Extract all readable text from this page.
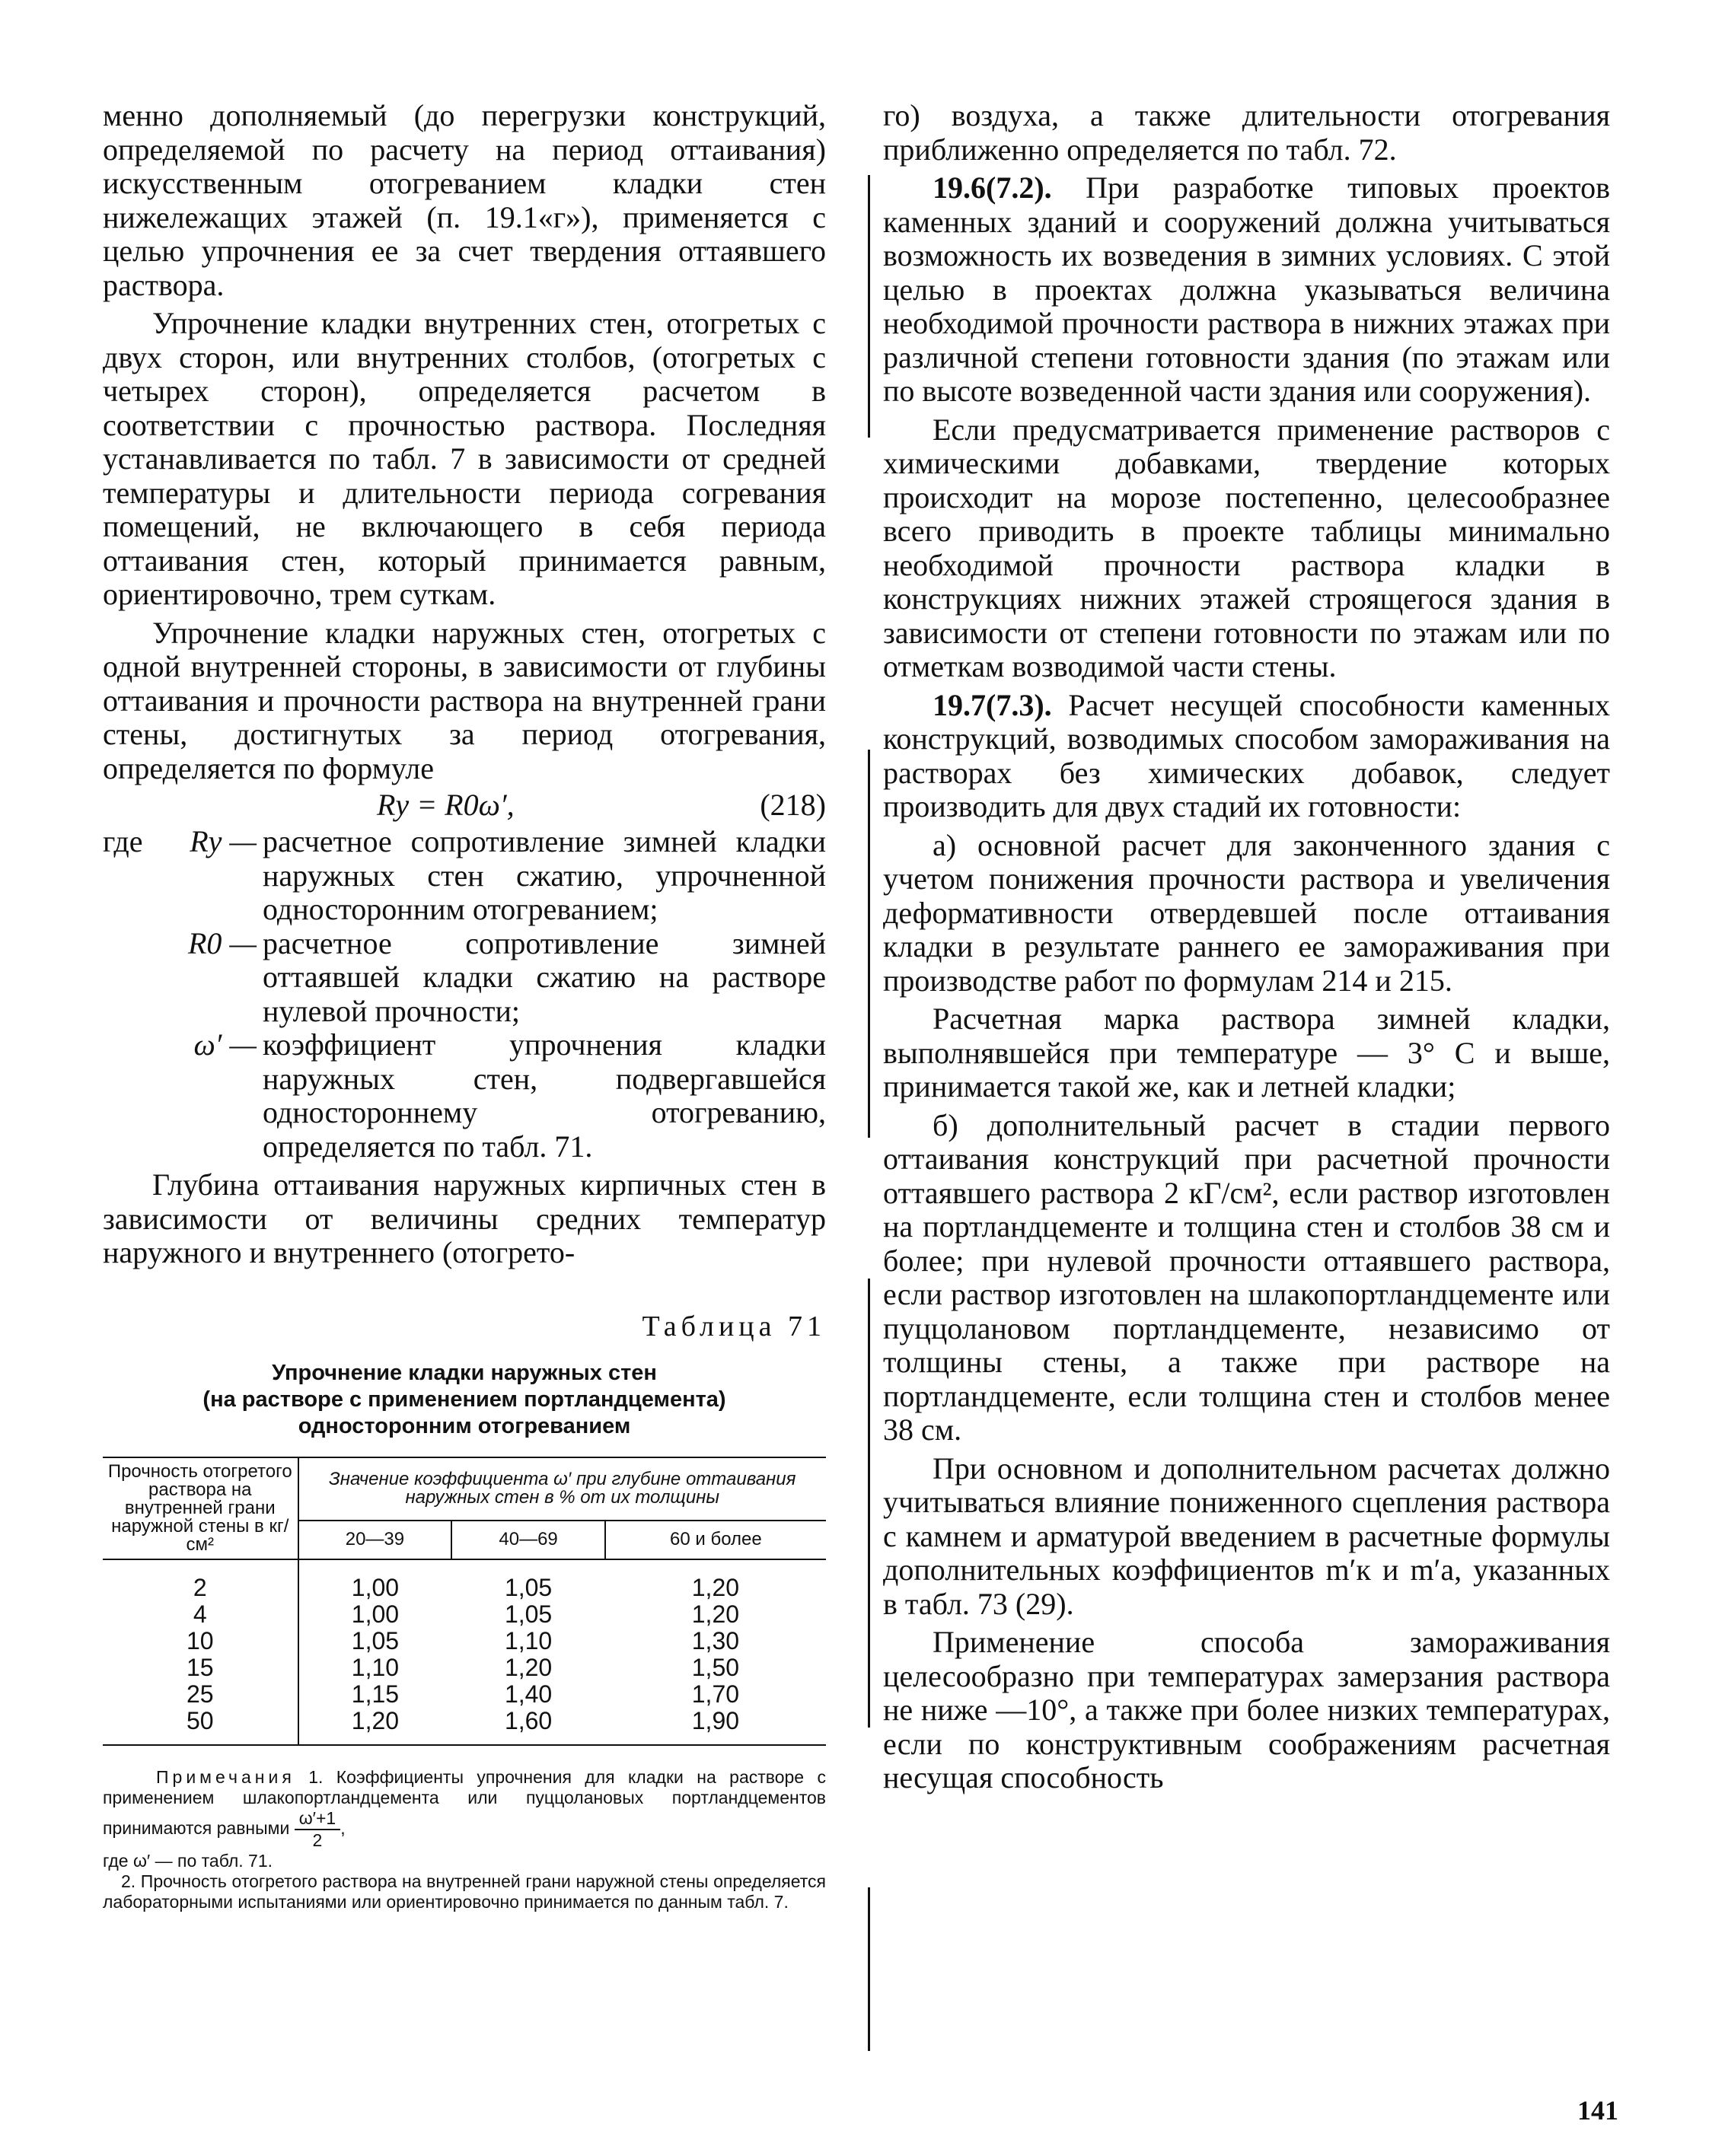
менно дополняемый (до перегрузки конструкций, определяемой по расчету на период оттаивания) искусственным отогреванием кладки стен нижележащих этажей (п. 19.1«г»), применяется с целью упрочнения ее за счет твердения оттаявшего раствора.

Упрочнение кладки внутренних стен, отогретых с двух сторон, или внутренних столбов, (отогретых с четырех сторон), определяется расчетом в соответствии с прочностью раствора. Последняя устанавливается по табл. 7 в зависимости от средней температуры и длительности периода согревания помещений, не включающего в себя периода оттаивания стен, который принимается равным, ориентировочно, трем суткам.

Упрочнение кладки наружных стен, отогретых с одной внутренней стороны, в зависимости от глубины оттаивания и прочности раствора на внутренней грани стены, достигнутых за период отогревания, определяется по формуле

Rу = R0ω′,	(218)
где	Rу — расчетное сопротивление зимней кладки наружных стен сжатию, упрочненной односторонним отогреванием;
R0 — расчетное сопротивление зимней оттаявшей кладки сжатию на растворе нулевой прочности;
ω′ — коэффициент упрочнения кладки наружных стен, подвергавшейся одностороннему отогреванию, определяется по табл. 71.

Глубина оттаивания наружных кирпичных стен в зависимости от величины средних температур наружного и внутреннего (отогрето-

Таблица 71
Упрочнение кладки наружных стен
(на растворе с применением портландцемента)
односторонним отогреванием
Прочность отогретого раствора на внутренней грани наружной стены в кг/см²	Значение коэффициента ω′ при глубине оттаивания наружных стен в % от их толщины		
	20—39	40—69	60 и более

2	1,00	1,05	1,20
4	1,00	1,05	1,20
10	1,05	1,10	1,30
15	1,10	1,20	1,50
25	1,15	1,40	1,70
50	1,20	1,60	1,90

Примечания 1. Коэффициенты упрочнения для кладки на растворе с применением шлакопортландцемента или пуццолановых портландцементов принимаются равными $\frac{\omega'+1}{2}$ ,
где ω′ — по табл. 71.
2. Прочность отогретого раствора на внутренней грани наружной стены определяется лабораторными испытаниями или ориентировочно принимается по данным табл. 7.

го) воздуха, а также длительности отогревания приближенно определяется по табл. 72.

19.6(7.2). При разработке типовых проектов каменных зданий и сооружений должна учитываться возможность их возведения в зимних условиях. С этой целью в проектах должна указываться величина необходимой прочности раствора в нижних этажах при различной степени готовности здания (по этажам или по высоте возведенной части здания или сооружения).

Если предусматривается применение растворов с химическими добавками, твердение которых происходит на морозе постепенно, целесообразнее всего приводить в проекте таблицы минимально необходимой прочности раствора кладки в конструкциях нижних этажей строящегося здания в зависимости от степени готовности по этажам или по отметкам возводимой части стены.

19.7(7.3). Расчет несущей способности каменных конструкций, возводимых способом замораживания на растворах без химических добавок, следует производить для двух стадий их готовности:

а) основной расчет для законченного здания с учетом понижения прочности раствора и увеличения деформативности отвердевшей после оттаивания кладки в результате раннего ее замораживания при производстве работ по формулам 214 и 215.

Расчетная марка раствора зимней кладки, выполнявшейся при температуре — 3° С и выше, принимается такой же, как и летней кладки;

б) дополнительный расчет в стадии первого оттаивания конструкций при расчетной прочности оттаявшего раствора 2 кГ/см², если раствор изготовлен на портландцементе и толщина стен и столбов 38 см и более; при нулевой прочности оттаявшего раствора, если раствор изготовлен на шлакопортландцементе или пуццолановом портландцементе, независимо от толщины стены, а также при растворе на портландцементе, если толщина стен и столбов менее 38 см.

При основном и дополнительном расчетах должно учитываться влияние пониженного сцепления раствора с камнем и арматурой введением в расчетные формулы дополнительных коэффициентов m′к и m′а, указанных в табл. 73 (29).

Применение способа замораживания целесообразно при температурах замерзания раствора не ниже —10°, а также при более низких температурах, если по конструктивным соображениям расчетная несущая способность

141
